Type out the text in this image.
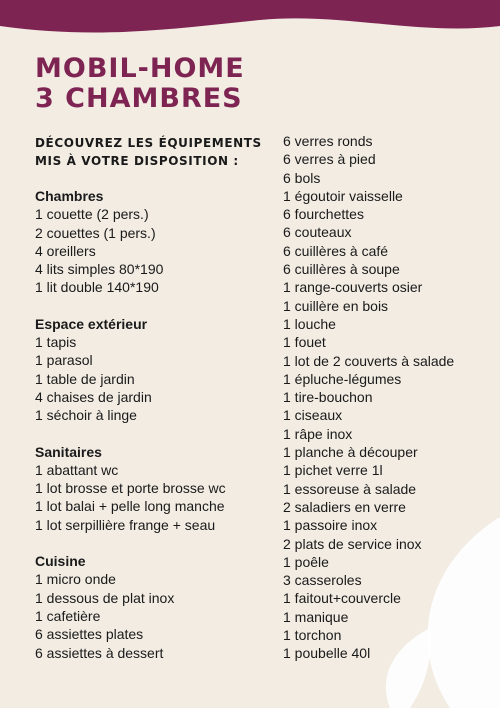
MOBIL-HOME
3 CHAMBRES

DÉCOUVREZ LES ÉQUIPEMENTS
MIS À VOTRE DISPOSITION :

Chambres
1 couette (2 pers.)
2 couettes (1 pers.)
4 oreillers
4 lits simples 80*190
1 lit double 140*190
Espace extérieur
1 tapis
1 parasol
1 table de jardin
4 chaises de jardin
1 séchoir à linge
Sanitaires
1 abattant wc
1 lot brosse et porte brosse wc
1 lot balai + pelle long manche
1 lot serpillière frange + seau
Cuisine
1 micro onde
1 dessous de plat inox
1 cafetière
6 assiettes plates
6 assiettes à dessert
6 verres ronds
6 verres à pied
6 bols
1 égoutoir vaisselle
6 fourchettes
6 couteaux
6 cuillères à café
6 cuillères à soupe
1 range-couverts osier
1 cuillère en bois
1 louche
1 fouet
1 lot de 2 couverts à salade
1 épluche-légumes
1 tire-bouchon
1 ciseaux
1 râpe inox
1 planche à découper
1 pichet verre 1l
1 essoreuse à salade
2 saladiers en verre
1 passoire inox
2 plats de service inox
1 poêle
3 casseroles
1 faitout+couvercle
1 manique
1 torchon
1 poubelle 40l
